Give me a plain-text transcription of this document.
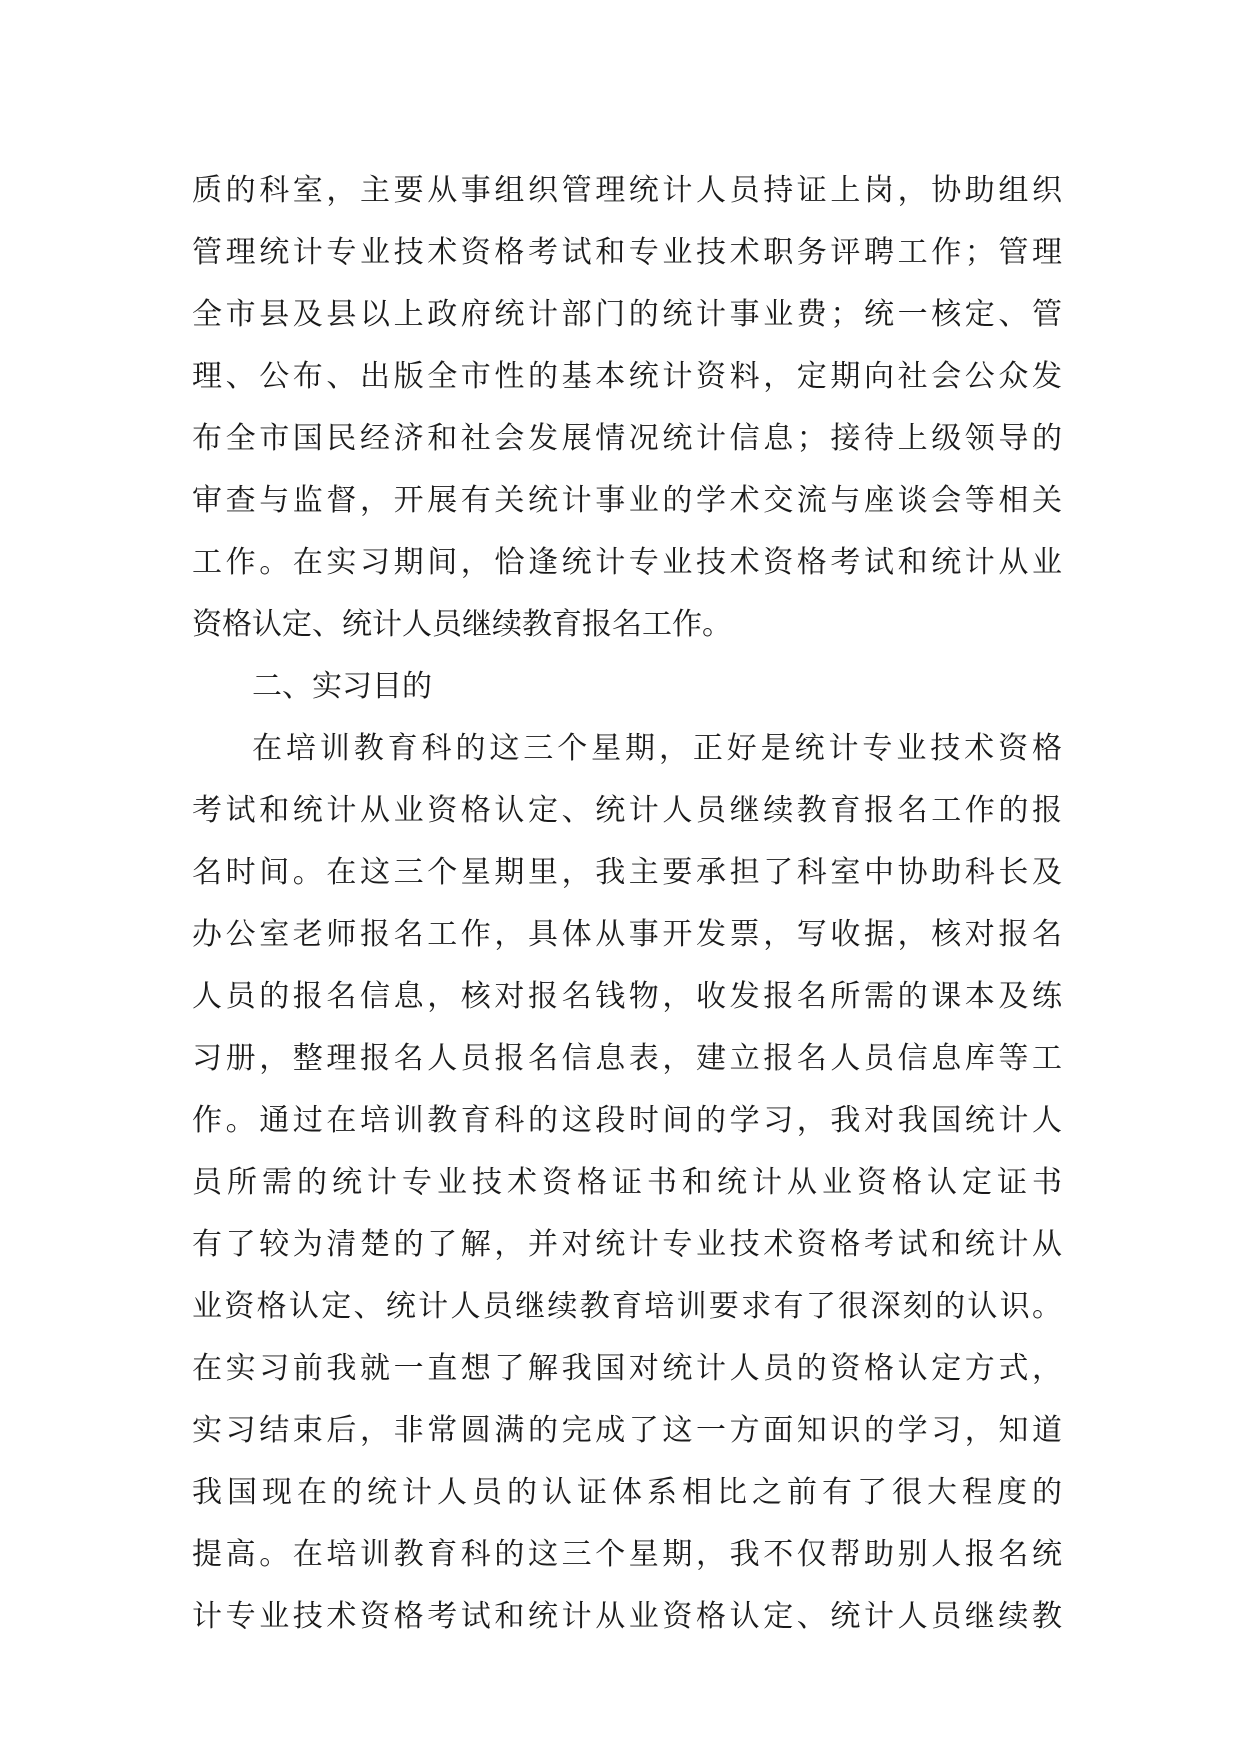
质的科室，主要从事组织管理统计人员持证上岗，协助组织
管理统计专业技术资格考试和专业技术职务评聘工作；管理
全市县及县以上政府统计部门的统计事业费；统一核定、管
理、公布、出版全市性的基本统计资料，定期向社会公众发
布全市国民经济和社会发展情况统计信息；接待上级领导的
审查与监督，开展有关统计事业的学术交流与座谈会等相关
工作。在实习期间，恰逢统计专业技术资格考试和统计从业
资格认定、统计人员继续教育报名工作。
二、实习目的
在培训教育科的这三个星期，正好是统计专业技术资格
考试和统计从业资格认定、统计人员继续教育报名工作的报
名时间。在这三个星期里，我主要承担了科室中协助科长及
办公室老师报名工作，具体从事开发票，写收据，核对报名
人员的报名信息，核对报名钱物，收发报名所需的课本及练
习册，整理报名人员报名信息表，建立报名人员信息库等工
作。通过在培训教育科的这段时间的学习，我对我国统计人
员所需的统计专业技术资格证书和统计从业资格认定证书
有了较为清楚的了解，并对统计专业技术资格考试和统计从
业资格认定、统计人员继续教育培训要求有了很深刻的认识。
在实习前我就一直想了解我国对统计人员的资格认定方式，
实习结束后，非常圆满的完成了这一方面知识的学习，知道
我国现在的统计人员的认证体系相比之前有了很大程度的
提高。在培训教育科的这三个星期，我不仅帮助别人报名统
计专业技术资格考试和统计从业资格认定、统计人员继续教
